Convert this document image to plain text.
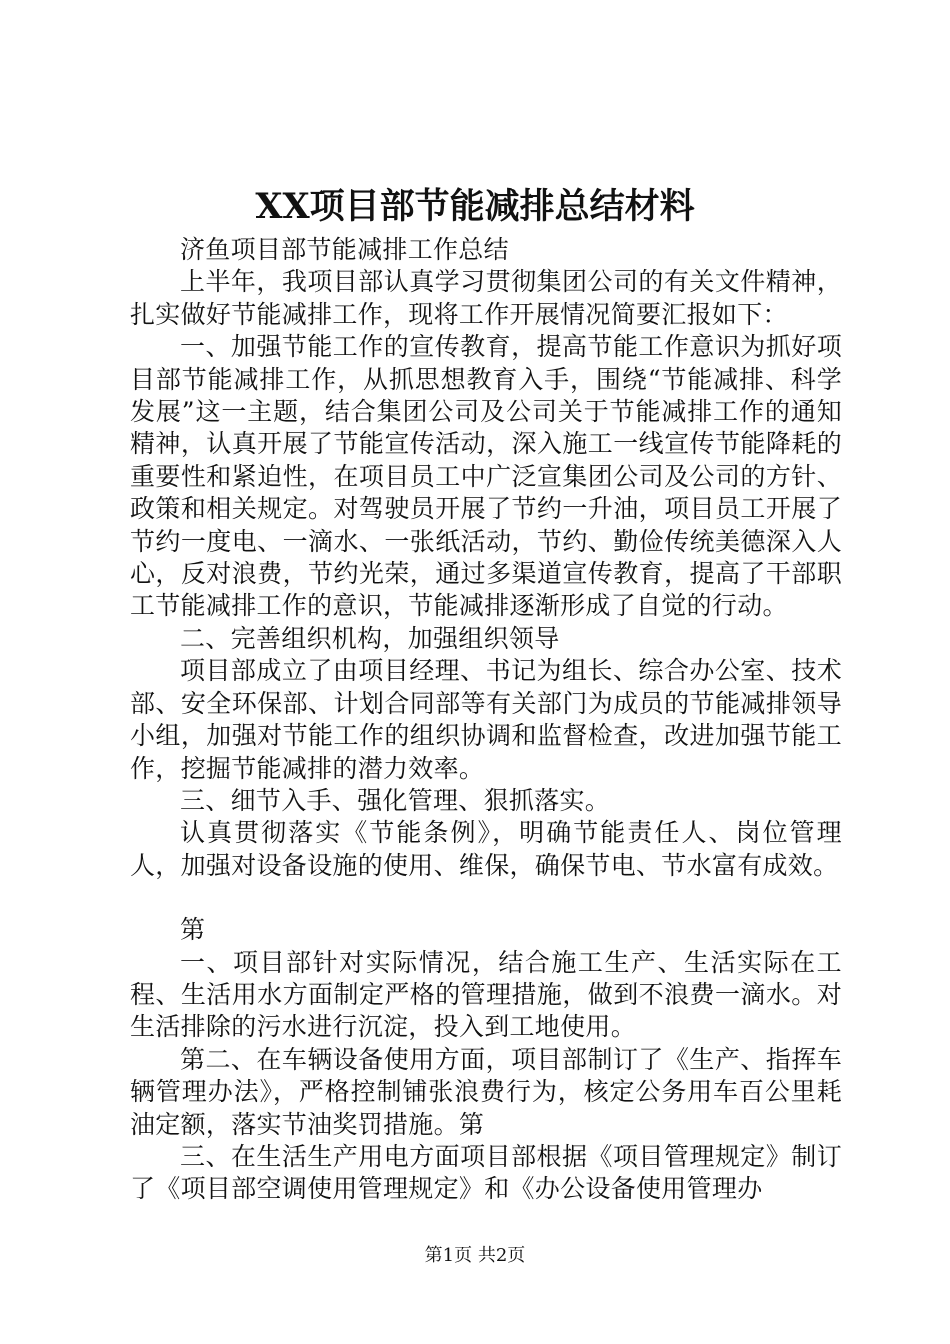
XX项目部节能减排总结材料

济鱼项目部节能减排工作总结

上半年，我项目部认真学习贯彻集团公司的有关文件精神，扎实做好节能减排工作，现将工作开展情况简要汇报如下：

一、加强节能工作的宣传教育，提高节能工作意识为抓好项目部节能减排工作，从抓思想教育入手，围绕“节能减排、科学发展”这一主题，结合集团公司及公司关于节能减排工作的通知精神，认真开展了节能宣传活动，深入施工一线宣传节能降耗的重要性和紧迫性，在项目员工中广泛宣集团公司及公司的方针、政策和相关规定。对驾驶员开展了节约一升油，项目员工开展了节约一度电、一滴水、一张纸活动，节约、勤俭传统美德深入人心，反对浪费，节约光荣，通过多渠道宣传教育，提高了干部职工节能减排工作的意识，节能减排逐渐形成了自觉的行动。

二、完善组织机构，加强组织领导

项目部成立了由项目经理、书记为组长、综合办公室、技术部、安全环保部、计划合同部等有关部门为成员的节能减排领导小组，加强对节能工作的组织协调和监督检查，改进加强节能工作，挖掘节能减排的潜力效率。

三、细节入手、强化管理、狠抓落实。

认真贯彻落实《节能条例》，明确节能责任人、岗位管理人，加强对设备设施的使用、维保，确保节电、节水富有成效。

第

一、项目部针对实际情况，结合施工生产、生活实际在工程、生活用水方面制定严格的管理措施，做到不浪费一滴水。对生活排除的污水进行沉淀，投入到工地使用。

第二、在车辆设备使用方面，项目部制订了《生产、指挥车辆管理办法》，严格控制铺张浪费行为，核定公务用车百公里耗油定额，落实节油奖罚措施。第

三、在生活生产用电方面项目部根据《项目管理规定》制订了《项目部空调使用管理规定》和《办公设备使用管理办

第1页 共2页
